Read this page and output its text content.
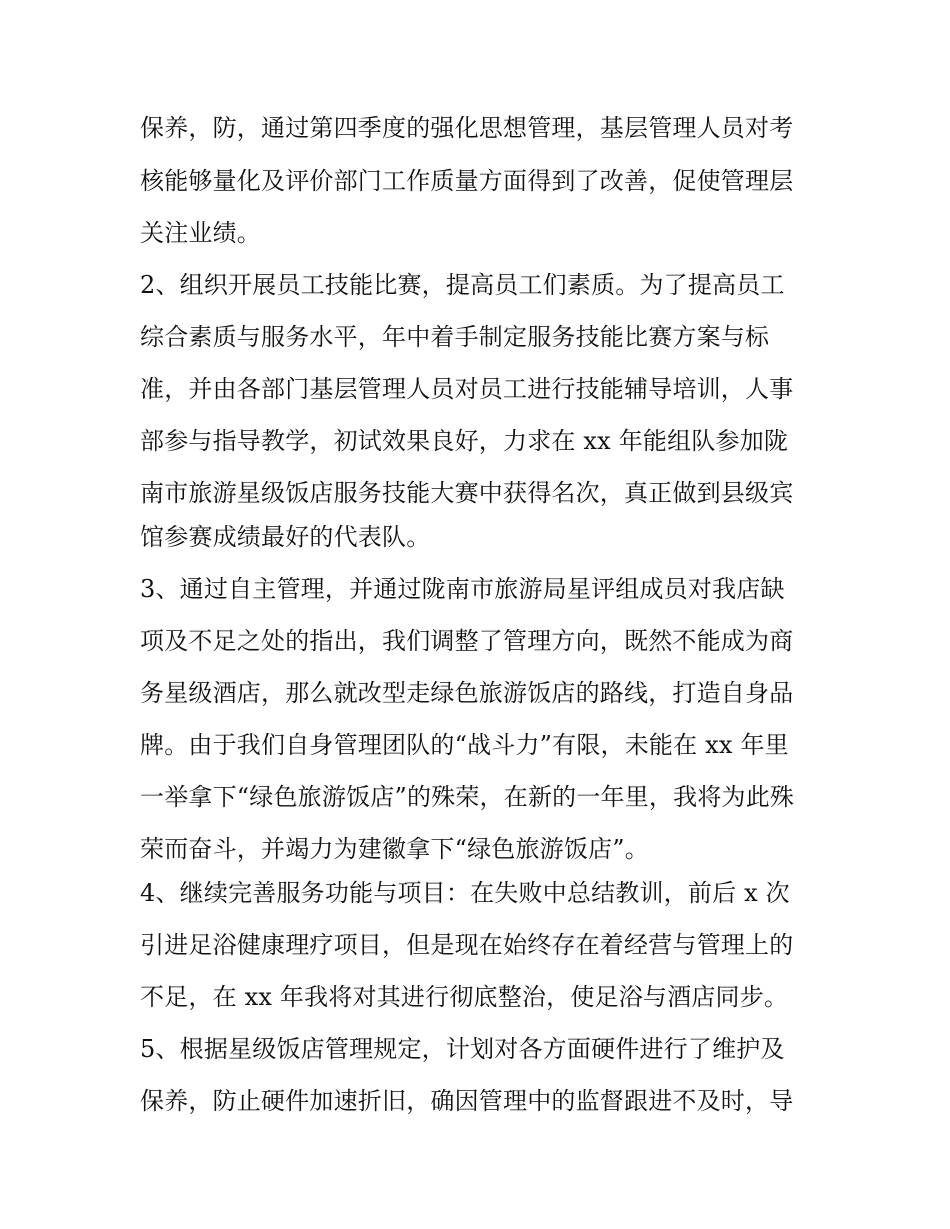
保养，防，通过第四季度的强化思想管理，基层管理人员对考
核能够量化及评价部门工作质量方面得到了改善，促使管理层
关注业绩。
2、组织开展员工技能比赛，提高员工们素质。为了提高员工
综合素质与服务水平，年中着手制定服务技能比赛方案与标
准，并由各部门基层管理人员对员工进行技能辅导培训，人事
部参与指导教学，初试效果良好，力求在 xx 年能组队参加陇
南市旅游星级饭店服务技能大赛中获得名次，真正做到县级宾
馆参赛成绩最好的代表队。
3、通过自主管理，并通过陇南市旅游局星评组成员对我店缺
项及不足之处的指出，我们调整了管理方向，既然不能成为商
务星级酒店，那么就改型走绿色旅游饭店的路线，打造自身品
牌。由于我们自身管理团队的“战斗力”有限，未能在 xx 年里
一举拿下“绿色旅游饭店”的殊荣，在新的一年里，我将为此殊
荣而奋斗，并竭力为建徽拿下“绿色旅游饭店”。
4、继续完善服务功能与项目：在失败中总结教训，前后 x 次
引进足浴健康理疗项目，但是现在始终存在着经营与管理上的
不足，在 xx 年我将对其进行彻底整治，使足浴与酒店同步。
5、根据星级饭店管理规定，计划对各方面硬件进行了维护及
保养，防止硬件加速折旧，确因管理中的监督跟进不及时，导
